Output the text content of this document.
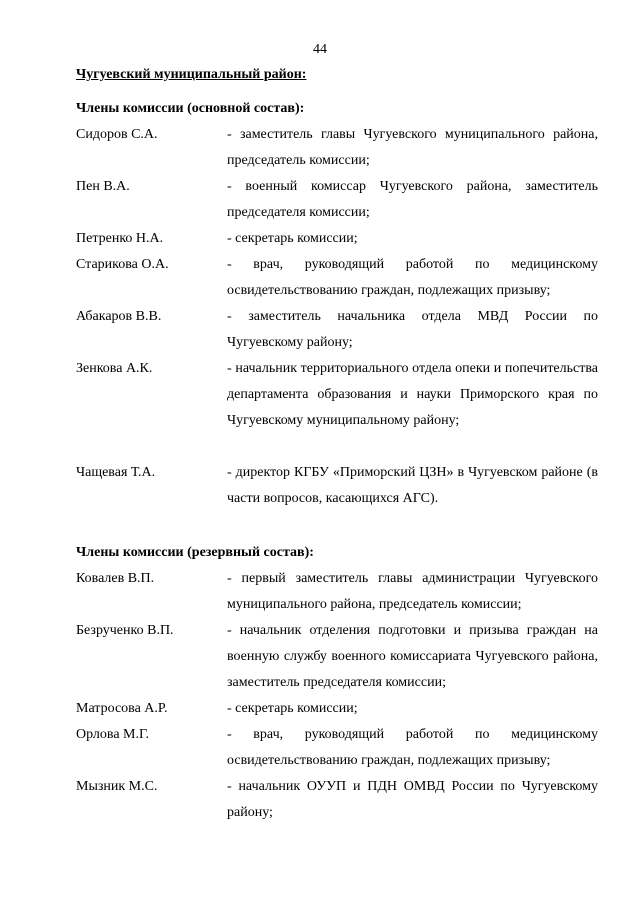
44
Чугуевский муниципальный район:
Члены комиссии (основной состав):
Сидоров С.А.	- заместитель главы Чугуевского муниципального района, председатель комиссии;
Пен В.А.	- военный комиссар Чугуевского района, заместитель председателя комиссии;
Петренко Н.А.	- секретарь комиссии;
Старикова О.А.	- врач, руководящий работой по медицинскому освидетельствованию граждан, подлежащих призыву;
Абакаров В.В.	- заместитель начальника отдела МВД России по Чугуевскому району;
Зенкова А.К.	- начальник территориального отдела опеки и попечительства департамента образования и науки Приморского края по Чугуевскому муниципальному району;
Чащевая Т.А.	- директор КГБУ «Приморский ЦЗН» в Чугуевском районе (в части вопросов, касающихся АГС).
Члены комиссии (резервный состав):
Ковалев В.П.	- первый заместитель главы администрации Чугуевского муниципального района, председатель комиссии;
Безрученко В.П.	- начальник отделения подготовки и призыва граждан на военную службу военного комиссариата Чугуевского района, заместитель председателя комиссии;
Матросова А.Р.	- секретарь комиссии;
Орлова М.Г.	- врач, руководящий работой по медицинскому освидетельствованию граждан, подлежащих призыву;
Мызник М.С.	- начальник ОУУП и ПДН ОМВД России по Чугуевскому району;
